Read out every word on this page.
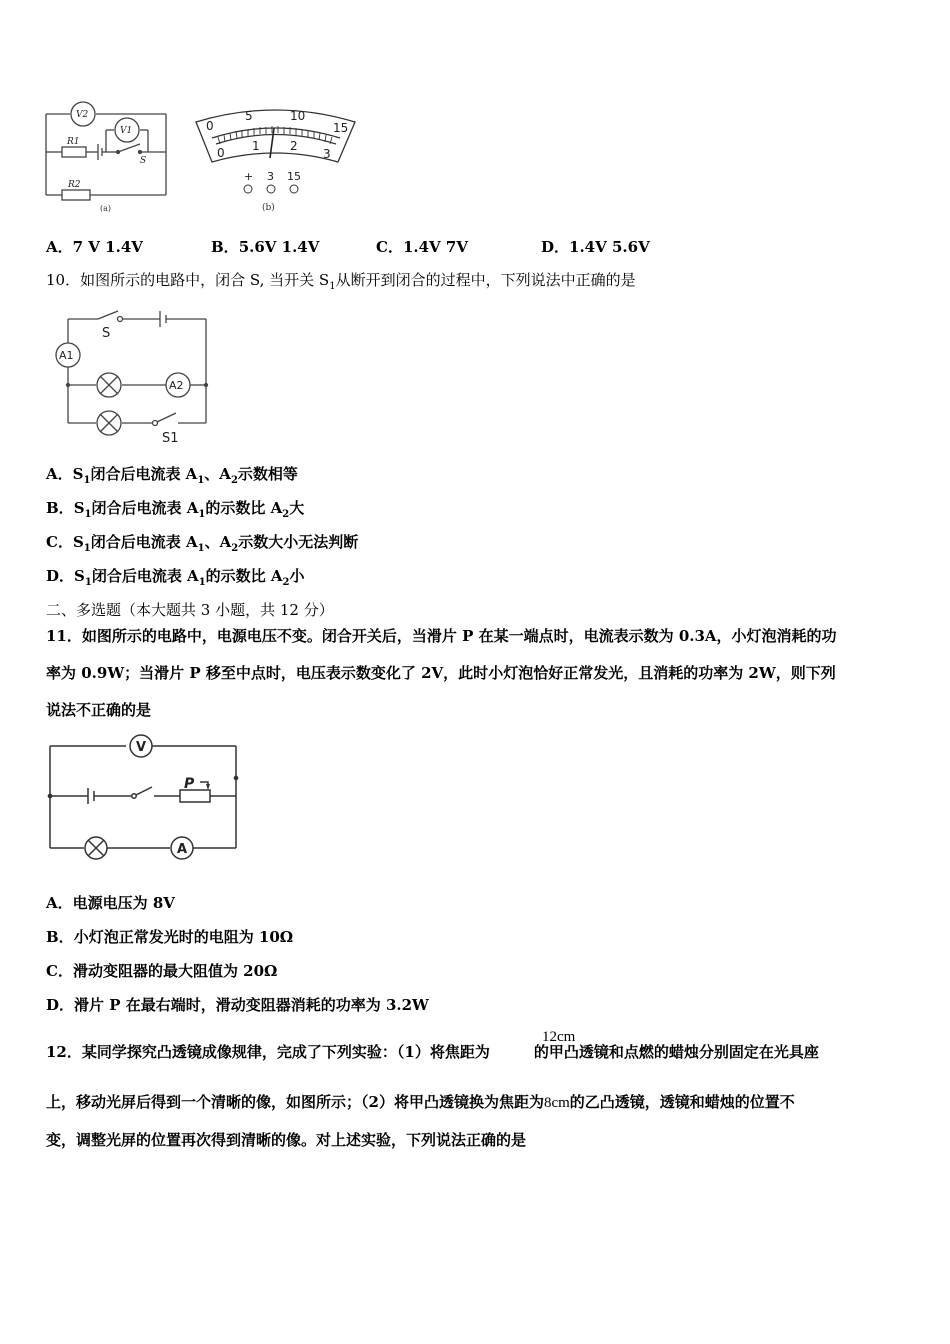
V2
V1
R1
R2
S
(a)
0
5	10
15
0 1	2
3
+ 3 15
(b)
A．7 V 1.4V	B．5.6V 1.4V	C．1.4V 7V	D．1.4V 5.6V
10．如图所示的电路中，闭合 S, 当开关 $S_1$从断开到闭合的过程中，下列说法中正确的是
A1
A2
S
S1
A．$S_1$闭合后电流表 $A_1$、$A_2$示数相等
B．$S_1$闭合后电流表 $A_1$的示数比 $A_2$大
C．$S_1$闭合后电流表 $A_1$、$A_2$示数大小无法判断
D．$S_1$闭合后电流表 $A_1$的示数比 $A_2$小
二、多选题（本大题共 3 小题，共 12 分）
11．如图所示的电路中，电源电压不变。闭合开关后，当滑片 P 在某一端点时，电流表示数为 0.3A，小灯泡消耗的功
率为 0.9W；当滑片 P 移至中点时，电压表示数变化了 2V，此时小灯泡恰好正常发光，且消耗的功率为 2W，则下列
说法不正确的是
V
A
P
A．电源电压为 8V
B．小灯泡正常发光时的电阻为 10Ω
C．滑动变阻器的最大阻值为 20Ω
D．滑片 P 在最右端时，滑动变阻器消耗的功率为 3.2W
12．某同学探究凸透镜成像规律，完成了下列实验：（1）将焦距为	的甲凸透镜和点燃的蜡烛分别固定在光具座
12cm
上，移动光屏后得到一个清晰的像，如图所示；（2）将甲凸透镜换为焦距为8cm的乙凸透镜，透镜和蜡烛的位置不
变，调整光屏的位置再次得到清晰的像。对上述实验，下列说法正确的是
